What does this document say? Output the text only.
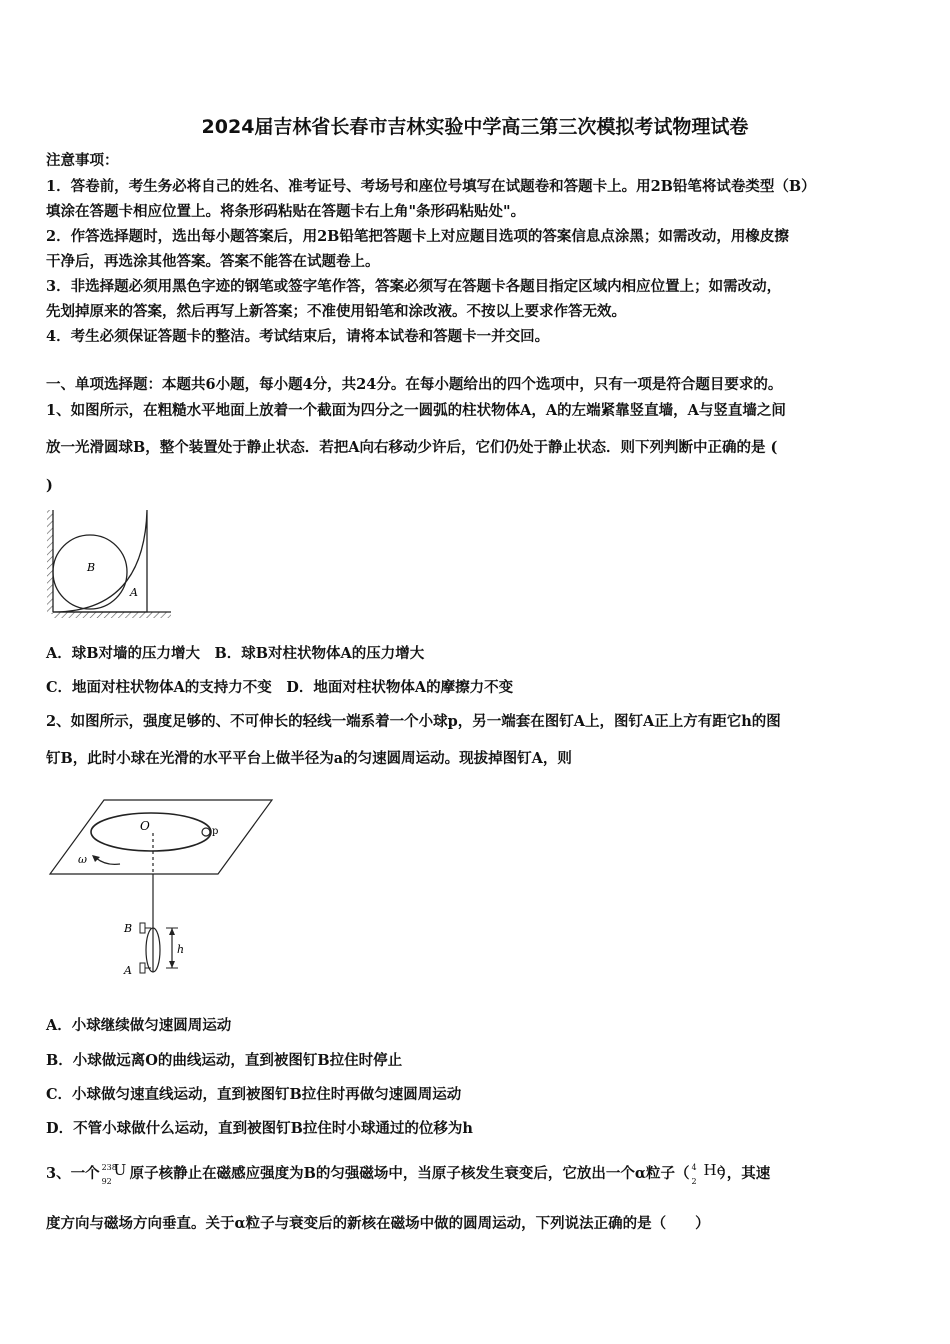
2024届吉林省长春市吉林实验中学高三第三次模拟考试物理试卷
注意事项：
1．答卷前，考生务必将自己的姓名、准考证号、考场号和座位号填写在试题卷和答题卡上。用2B铅笔将试卷类型（B）
填涂在答题卡相应位置上。将条形码粘贴在答题卡右上角"条形码粘贴处"。
2．作答选择题时，选出每小题答案后，用2B铅笔把答题卡上对应题目选项的答案信息点涂黑；如需改动，用橡皮擦
干净后，再选涂其他答案。答案不能答在试题卷上。
3．非选择题必须用黑色字迹的钢笔或签字笔作答，答案必须写在答题卡各题目指定区域内相应位置上；如需改动，
先划掉原来的答案，然后再写上新答案；不准使用铅笔和涂改液。不按以上要求作答无效。
4．考生必须保证答题卡的整洁。考试结束后，请将本试卷和答题卡一并交回。
一、单项选择题：本题共6小题，每小题4分，共24分。在每小题给出的四个选项中，只有一项是符合题目要求的。
1、如图所示，在粗糙水平地面上放着一个截面为四分之一圆弧的柱状物体A，A的左端紧靠竖直墙，A与竖直墙之间
放一光滑圆球B，整个装置处于静止状态．若把A向右移动少许后，它们仍处于静止状态．则下列判断中正确的是 (
)
B
A
A．球B对墙的压力增大　B．球B对柱状物体A的压力增大
C．地面对柱状物体A的支持力不变　D．地面对柱状物体A的摩擦力不变
2、如图所示，强度足够的、不可伸长的轻线一端系着一个小球p，另一端套在图钉A上，图钉A正上方有距它h的图
钉B，此时小球在光滑的水平平台上做半径为a的匀速圆周运动。现拔掉图钉A，则
p
O
ω
B
A
h
A．小球继续做匀速圆周运动
B．小球做远离O的曲线运动，直到被图钉B拉住时停止
C．小球做匀速直线运动，直到被图钉B拉住时再做匀速圆周运动
D．不管小球做什么运动，直到被图钉B拉住时小球通过的位移为h
3、一个 238
92
U 原子核静止在磁感应强度为B的匀强磁场中，当原子核发生衰变后，它放出一个α粒子（ 4
2
He
），其速
度方向与磁场方向垂直。关于α粒子与衰变后的新核在磁场中做的圆周运动，下列说法正确的是（　　）
